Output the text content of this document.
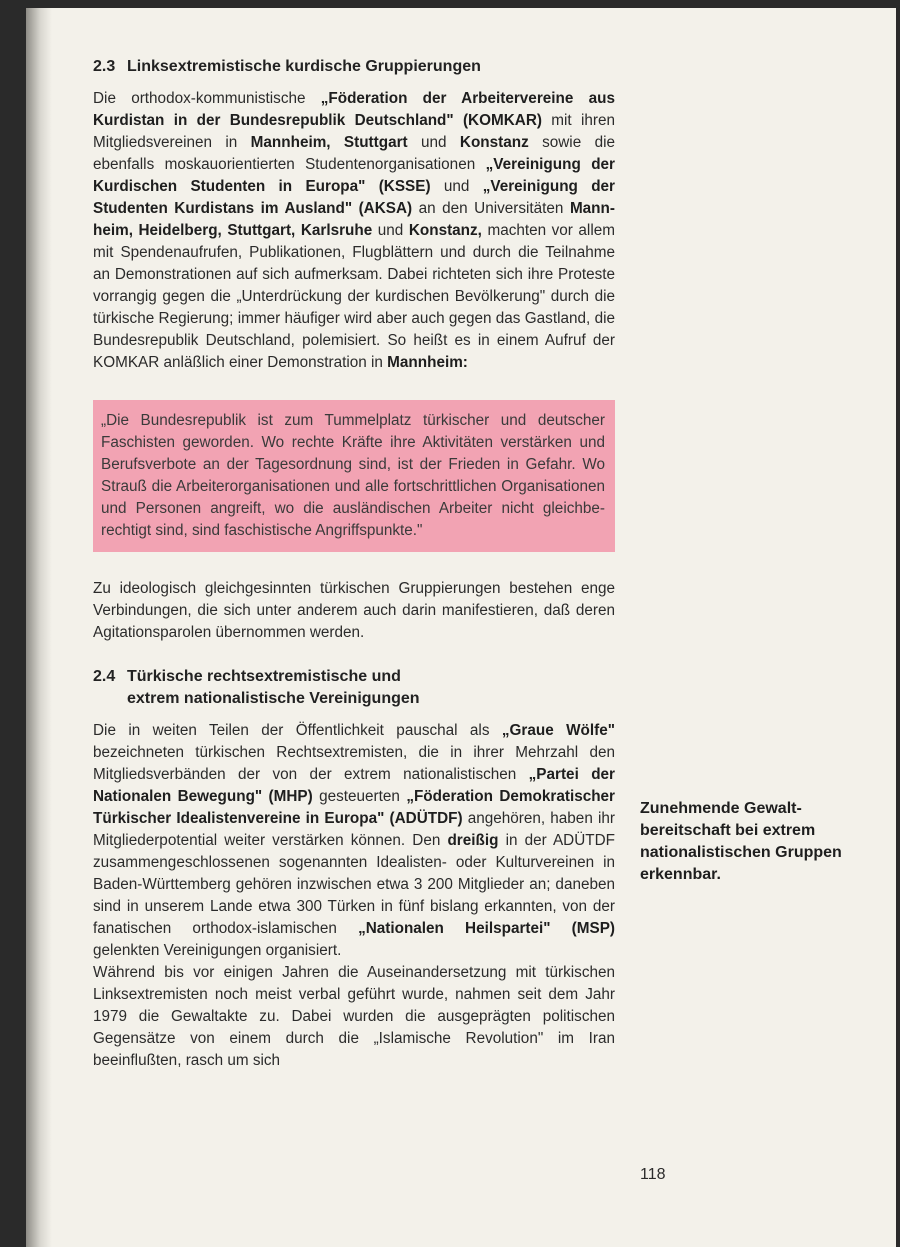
2.3 Linksextremistische kurdische Gruppierungen

Die orthodox-kommunistische „Föderation der Arbeitervereine aus Kurdistan in der Bundesrepublik Deutschland" (KOMKAR) mit ihren Mitgliedsvereinen in Mannheim, Stuttgart und Konstanz sowie die ebenfalls moskauorientierten Studentenorganisationen „Vereinigung der Kurdischen Studenten in Europa" (KSSE) und „Vereinigung der Studenten Kurdistans im Ausland" (AKSA) an den Universitäten Mannheim, Heidelberg, Stuttgart, Karlsruhe und Konstanz, machten vor allem mit Spendenaufrufen, Publikationen, Flugblättern und durch die Teilnahme an Demonstrationen auf sich aufmerksam. Dabei richteten sich ihre Proteste vorrangig gegen die „Unterdrückung der kurdischen Bevölkerung" durch die türkische Regierung; immer häufiger wird aber auch gegen das Gastland, die Bundesrepublik Deutschland, polemisiert. So heißt es in einem Aufruf der KOMKAR anläßlich einer Demonstration in Mannheim:

„Die Bundesrepublik ist zum Tummelplatz türkischer und deutscher Faschisten geworden. Wo rechte Kräfte ihre Aktivitäten verstärken und Berufsverbote an der Tagesordnung sind, ist der Frieden in Gefahr. Wo Strauß die Arbeiterorganisationen und alle fortschrittlichen Organisationen und Personen angreift, wo die ausländischen Arbeiter nicht gleichberechtigt sind, sind faschistische Angriffspunkte."

Zu ideologisch gleichgesinnten türkischen Gruppierungen bestehen enge Verbindungen, die sich unter anderem auch darin manifestieren, daß deren Agitationsparolen übernommen werden.

2.4 Türkische rechtsextremistische und
extrem nationalistische Vereinigungen

Die in weiten Teilen der Öffentlichkeit pauschal als „Graue Wölfe" bezeichneten türkischen Rechtsextremisten, die in ihrer Mehrzahl den Mitgliedsverbänden der von der extrem nationalistischen „Partei der Nationalen Bewegung" (MHP) gesteuerten „Föderation Demokratischer Türkischer Idealistenvereine in Europa" (ADÜTDF) angehören, haben ihr Mitgliederpotential weiter verstärken können. Den dreißig in der ADÜTDF zusammengeschlossenen sogenannten Idealisten- oder Kulturvereinen in Baden-Württemberg gehören inzwischen etwa 3 200 Mitglieder an; daneben sind in unserem Lande etwa 300 Türken in fünf bislang erkannten, von der fanatischen orthodox-islamischen „Nationalen Heilspartei" (MSP) gelenkten Vereinigungen organisiert.

Während bis vor einigen Jahren die Auseinandersetzung mit türkischen Linksextremisten noch meist verbal geführt wurde, nahmen seit dem Jahr 1979 die Gewaltakte zu. Dabei wurden die ausgeprägten politischen Gegensätze von einem durch die „Islamische Revolution" im Iran beeinflußten, rasch um sich

Zunehmende Gewaltbereitschaft bei extrem nationalistischen Gruppen erkennbar.
118
